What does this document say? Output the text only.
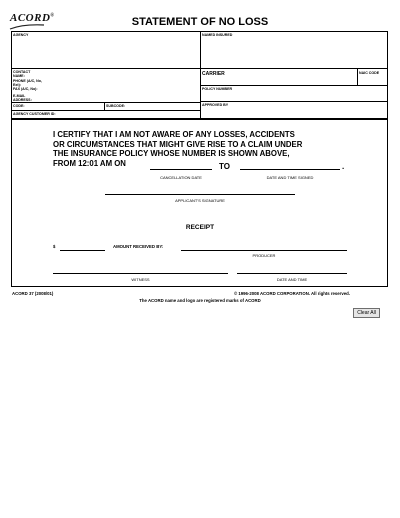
ACORD®
STATEMENT OF NO LOSS
AGENCY	NAMED INSURED
CONTACT NAME:
PHONE (A/C, No, Ext):
FAX (A/C, No):
E-MAIL ADDRESS:
CODE:	SUBCODE:
AGENCY CUSTOMER ID:
CARRIER	NAIC CODE
POLICY NUMBER
APPROVED BY
I CERTIFY THAT I AM NOT AWARE OF ANY LOSSES, ACCIDENTS
OR CIRCUMSTANCES THAT MIGHT GIVE RISE TO A CLAIM UNDER
THE INSURANCE POLICY WHOSE NUMBER IS SHOWN ABOVE,
FROM 12:01 AM ON	TO	.
CANCELLATION DATE	DATE AND TIME SIGNED
APPLICANT'S SIGNATURE
RECEIPT
$	AMOUNT RECEIVED BY:
PRODUCER
WITNESS	DATE AND TIME
ACORD 37 (2008/01)	© 1996-2008 ACORD CORPORATION. All rights reserved.
The ACORD name and logo are registered marks of ACORD
Clear All
